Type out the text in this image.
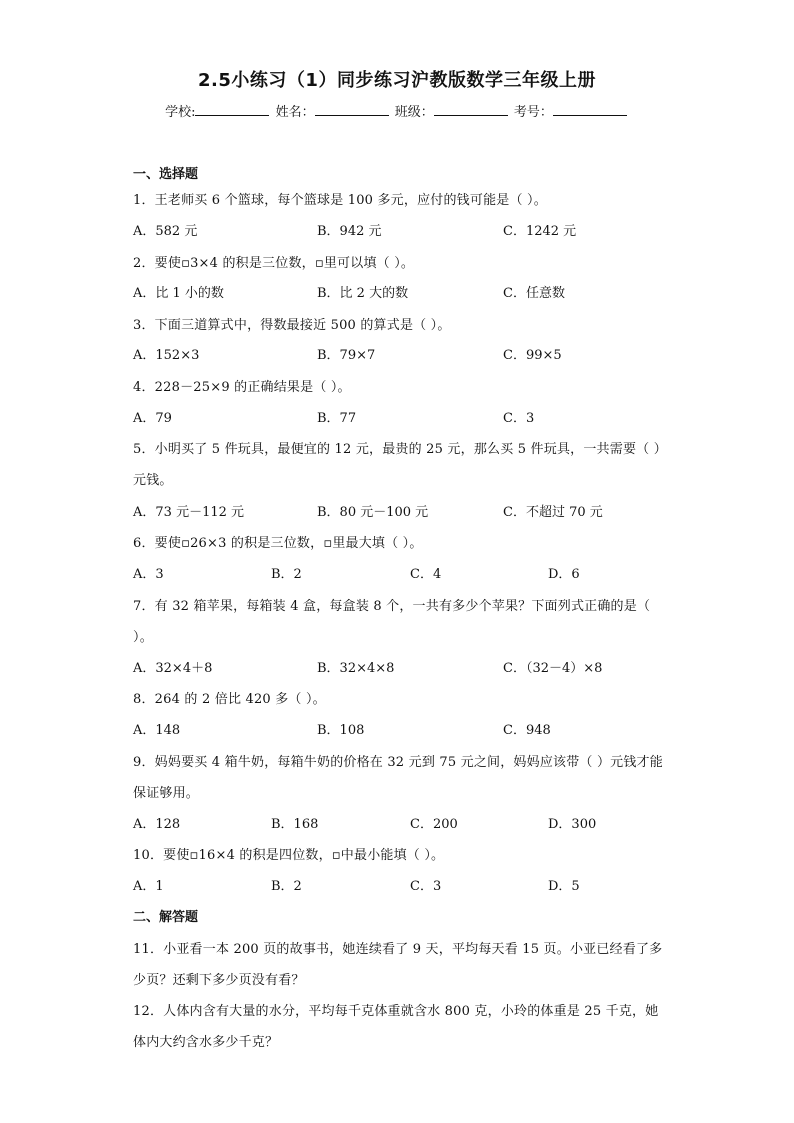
2.5小练习（1）同步练习沪教版数学三年级上册
学校:	姓名：	班级：	考号：
一、选择题
1．王老师买 6 个篮球，每个篮球是 100 多元，应付的钱可能是（ ）。
A．582 元	B．942 元	C．1242 元
2．要使▫3×4 的积是三位数，▫里可以填（ ）。
A．比 1 小的数	B．比 2 大的数	C．任意数
3．下面三道算式中，得数最接近 500 的算式是（ ）。
A．152×3	B．79×7	C．99×5
4．228－25×9 的正确结果是（ ）。
A．79	B．77	C．3
5．小明买了 5 件玩具，最便宜的 12 元，最贵的 25 元，那么买 5 件玩具，一共需要（ ）元钱。
A．73 元－112 元	B．80 元－100 元	C．不超过 70 元
6．要使▫26×3 的积是三位数，▫里最大填（ ）。
A．3	B．2	C．4	D．6
7．有 32 箱苹果，每箱装 4 盒，每盒装 8 个，一共有多少个苹果？下面列式正确的是（ ）。
A．32×4＋8	B．32×4×8	C．（32－4）×8
8．264 的 2 倍比 420 多（ ）。
A．148	B．108	C．948
9．妈妈要买 4 箱牛奶，每箱牛奶的价格在 32 元到 75 元之间，妈妈应该带（ ）元钱才能保证够用。
A．128	B．168	C．200	D．300
10．要使▫16×4 的积是四位数，▫中最小能填（ ）。
A．1	B．2	C．3	D．5
二、解答题
11．小亚看一本 200 页的故事书，她连续看了 9 天，平均每天看 15 页。小亚已经看了多少页？还剩下多少页没有看？
12．人体内含有大量的水分，平均每千克体重就含水 800 克，小玲的体重是 25 千克，她体内大约含水多少千克？
